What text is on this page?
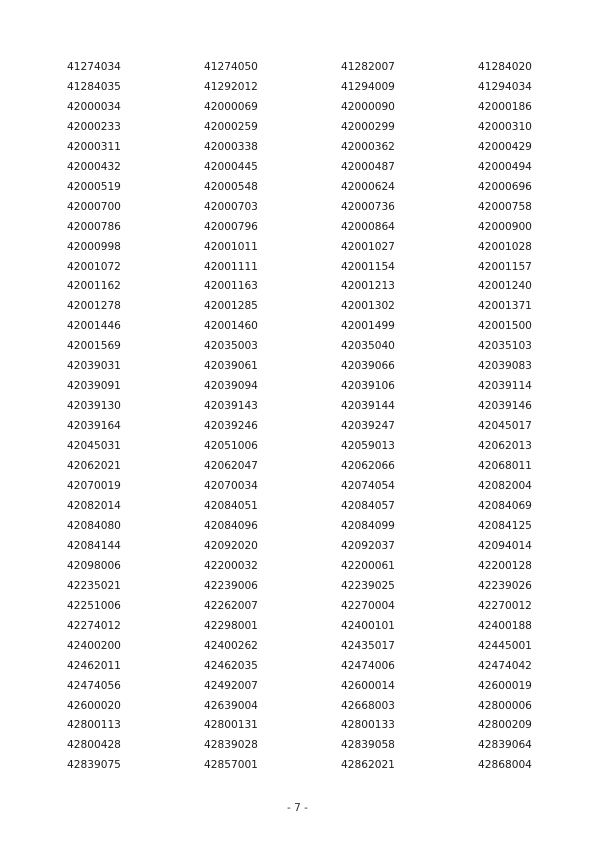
41274034	41274050	41282007	41284020
41284035	41292012	41294009	41294034
42000034	42000069	42000090	42000186
42000233	42000259	42000299	42000310
42000311	42000338	42000362	42000429
42000432	42000445	42000487	42000494
42000519	42000548	42000624	42000696
42000700	42000703	42000736	42000758
42000786	42000796	42000864	42000900
42000998	42001011	42001027	42001028
42001072	42001111	42001154	42001157
42001162	42001163	42001213	42001240
42001278	42001285	42001302	42001371
42001446	42001460	42001499	42001500
42001569	42035003	42035040	42035103
42039031	42039061	42039066	42039083
42039091	42039094	42039106	42039114
42039130	42039143	42039144	42039146
42039164	42039246	42039247	42045017
42045031	42051006	42059013	42062013
42062021	42062047	42062066	42068011
42070019	42070034	42074054	42082004
42082014	42084051	42084057	42084069
42084080	42084096	42084099	42084125
42084144	42092020	42092037	42094014
42098006	42200032	42200061	42200128
42235021	42239006	42239025	42239026
42251006	42262007	42270004	42270012
42274012	42298001	42400101	42400188
42400200	42400262	42435017	42445001
42462011	42462035	42474006	42474042
42474056	42492007	42600014	42600019
42600020	42639004	42668003	42800006
42800113	42800131	42800133	42800209
42800428	42839028	42839058	42839064
42839075	42857001	42862021	42868004
- 7 -
